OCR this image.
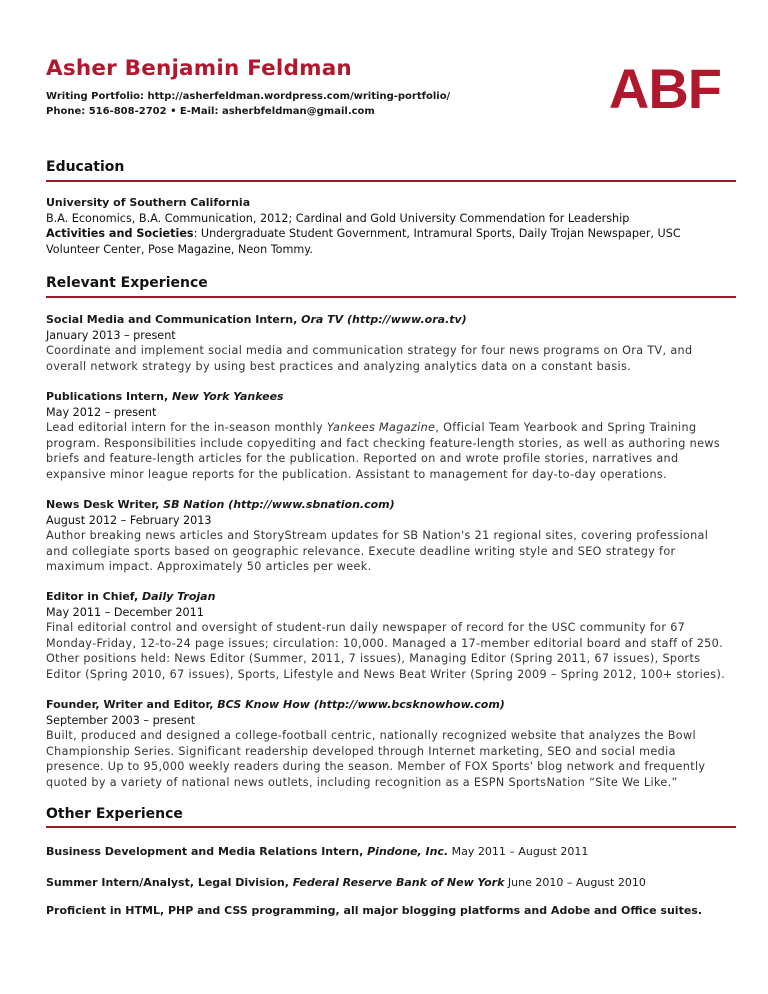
Asher Benjamin Feldman
Writing Portfolio: http://asherfeldman.wordpress.com/writing-portfolio/
Phone: 516-808-2702 • E-Mail: asherbfeldman@gmail.com	ABF
Education
University of Southern California
B.A. Economics, B.A. Communication, 2012; Cardinal and Gold University Commendation for Leadership
Activities and Societies: Undergraduate Student Government, Intramural Sports, Daily Trojan Newspaper, USC Volunteer Center, Pose Magazine, Neon Tommy.
Relevant Experience
Social Media and Communication Intern, Ora TV (http://www.ora.tv)
January 2013 – present
Coordinate and implement social media and communication strategy for four news programs on Ora TV, and overall network strategy by using best practices and analyzing analytics data on a constant basis.
Publications Intern, New York Yankees
May 2012 – present
Lead editorial intern for the in-season monthly Yankees Magazine, Official Team Yearbook and Spring Training program. Responsibilities include copyediting and fact checking feature-length stories, as well as authoring news briefs and feature-length articles for the publication. Reported on and wrote profile stories, narratives and expansive minor league reports for the publication. Assistant to management for day-to-day operations.
News Desk Writer, SB Nation (http://www.sbnation.com)
August 2012 – February 2013
Author breaking news articles and StoryStream updates for SB Nation's 21 regional sites, covering professional and collegiate sports based on geographic relevance. Execute deadline writing style and SEO strategy for maximum impact. Approximately 50 articles per week.
Editor in Chief, Daily Trojan
May 2011 – December 2011
Final editorial control and oversight of student-run daily newspaper of record for the USC community for 67 Monday-Friday, 12-to-24 page issues; circulation: 10,000. Managed a 17-member editorial board and staff of 250. Other positions held: News Editor (Summer, 2011, 7 issues), Managing Editor (Spring 2011, 67 issues), Sports Editor (Spring 2010, 67 issues), Sports, Lifestyle and News Beat Writer (Spring 2009 – Spring 2012, 100+ stories).
Founder, Writer and Editor, BCS Know How (http://www.bcsknowhow.com)
September 2003 – present
Built, produced and designed a college-football centric, nationally recognized website that analyzes the Bowl Championship Series. Significant readership developed through Internet marketing, SEO and social media presence. Up to 95,000 weekly readers during the season. Member of FOX Sports' blog network and frequently quoted by a variety of national news outlets, including recognition as a ESPN SportsNation “Site We Like.”
Other Experience
Business Development and Media Relations Intern, Pindone, Inc. May 2011 – August 2011
Summer Intern/Analyst, Legal Division, Federal Reserve Bank of New York June 2010 – August 2010
Proficient in HTML, PHP and CSS programming, all major blogging platforms and Adobe and Office suites.
